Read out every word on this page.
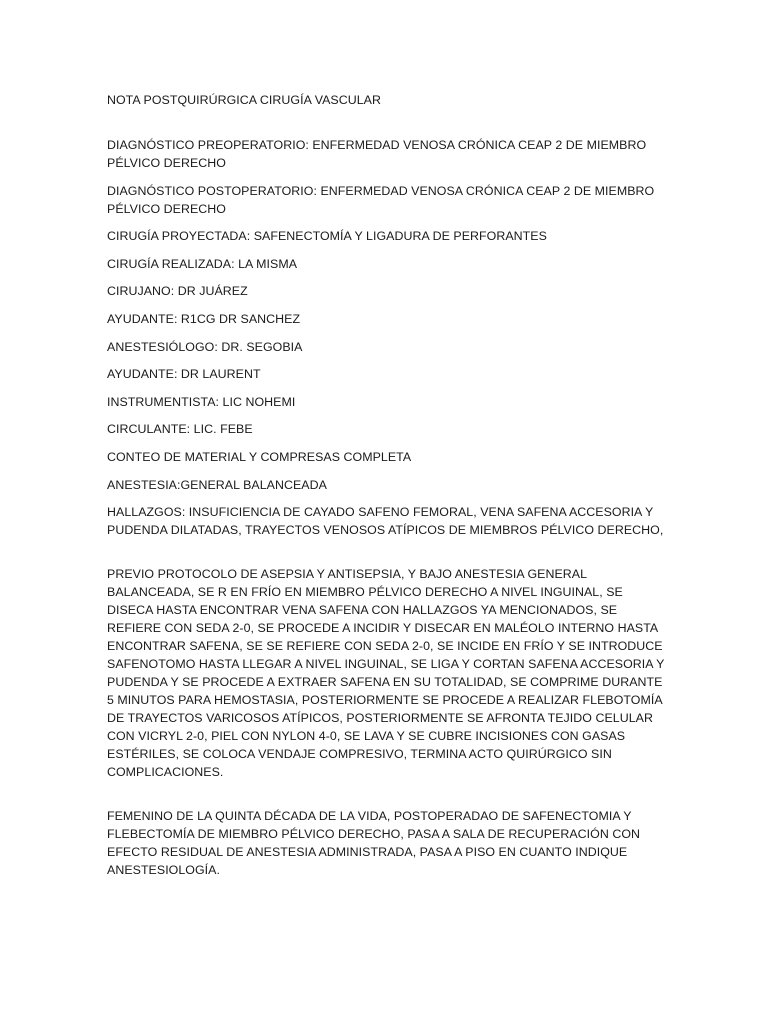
NOTA POSTQUIRÚRGICA CIRUGÍA VASCULAR
DIAGNÓSTICO PREOPERATORIO: ENFERMEDAD VENOSA CRÓNICA CEAP 2 DE MIEMBRO PÉLVICO DERECHO
DIAGNÓSTICO POSTOPERATORIO: ENFERMEDAD VENOSA CRÓNICA CEAP 2 DE MIEMBRO PÉLVICO DERECHO
CIRUGÍA PROYECTADA: SAFENECTOMÍA Y LIGADURA DE PERFORANTES
CIRUGÍA REALIZADA: LA MISMA
CIRUJANO: DR JUÁREZ
AYUDANTE: R1CG DR SANCHEZ
ANESTESIÓLOGO: DR. SEGOBIA
AYUDANTE: DR LAURENT
INSTRUMENTISTA: LIC NOHEMI
CIRCULANTE: LIC. FEBE
CONTEO DE MATERIAL Y COMPRESAS COMPLETA
ANESTESIA:GENERAL BALANCEADA
HALLAZGOS: INSUFICIENCIA DE CAYADO SAFENO FEMORAL, VENA SAFENA ACCESORIA Y PUDENDA DILATADAS, TRAYECTOS VENOSOS ATÍPICOS DE MIEMBROS PÉLVICO DERECHO,
PREVIO PROTOCOLO DE ASEPSIA Y ANTISEPSIA, Y BAJO ANESTESIA GENERAL BALANCEADA, SE R EN FRÍO EN MIEMBRO PÉLVICO DERECHO A NIVEL INGUINAL, SE DISECA HASTA ENCONTRAR VENA SAFENA CON HALLAZGOS YA MENCIONADOS, SE REFIERE CON SEDA 2-0, SE PROCEDE A INCIDIR Y DISECAR EN MALÉOLO INTERNO HASTA ENCONTRAR SAFENA, SE SE REFIERE CON SEDA 2-0, SE INCIDE EN FRÍO Y SE INTRODUCE SAFENOTOMO HASTA LLEGAR A NIVEL INGUINAL, SE LIGA Y CORTAN SAFENA ACCESORIA Y PUDENDA Y SE PROCEDE A EXTRAER SAFENA EN SU TOTALIDAD, SE COMPRIME DURANTE 5 MINUTOS PARA HEMOSTASIA, POSTERIORMENTE SE PROCEDE A REALIZAR FLEBOTOMÍA DE TRAYECTOS VARICOSOS ATÍPICOS, POSTERIORMENTE SE AFRONTA TEJIDO CELULAR CON VICRYL 2-0, PIEL CON NYLON 4-0, SE LAVA Y SE CUBRE INCISIONES CON GASAS ESTÉRILES, SE COLOCA VENDAJE COMPRESIVO, TERMINA ACTO QUIRÚRGICO SIN COMPLICACIONES.
FEMENINO DE LA QUINTA DÉCADA DE LA VIDA, POSTOPERADAO DE SAFENECTOMIA Y FLEBECTOMÍA DE MIEMBRO PÉLVICO DERECHO, PASA A SALA DE RECUPERACIÓN CON EFECTO RESIDUAL DE ANESTESIA ADMINISTRADA, PASA A PISO EN CUANTO INDIQUE ANESTESIOLOGÍA.
